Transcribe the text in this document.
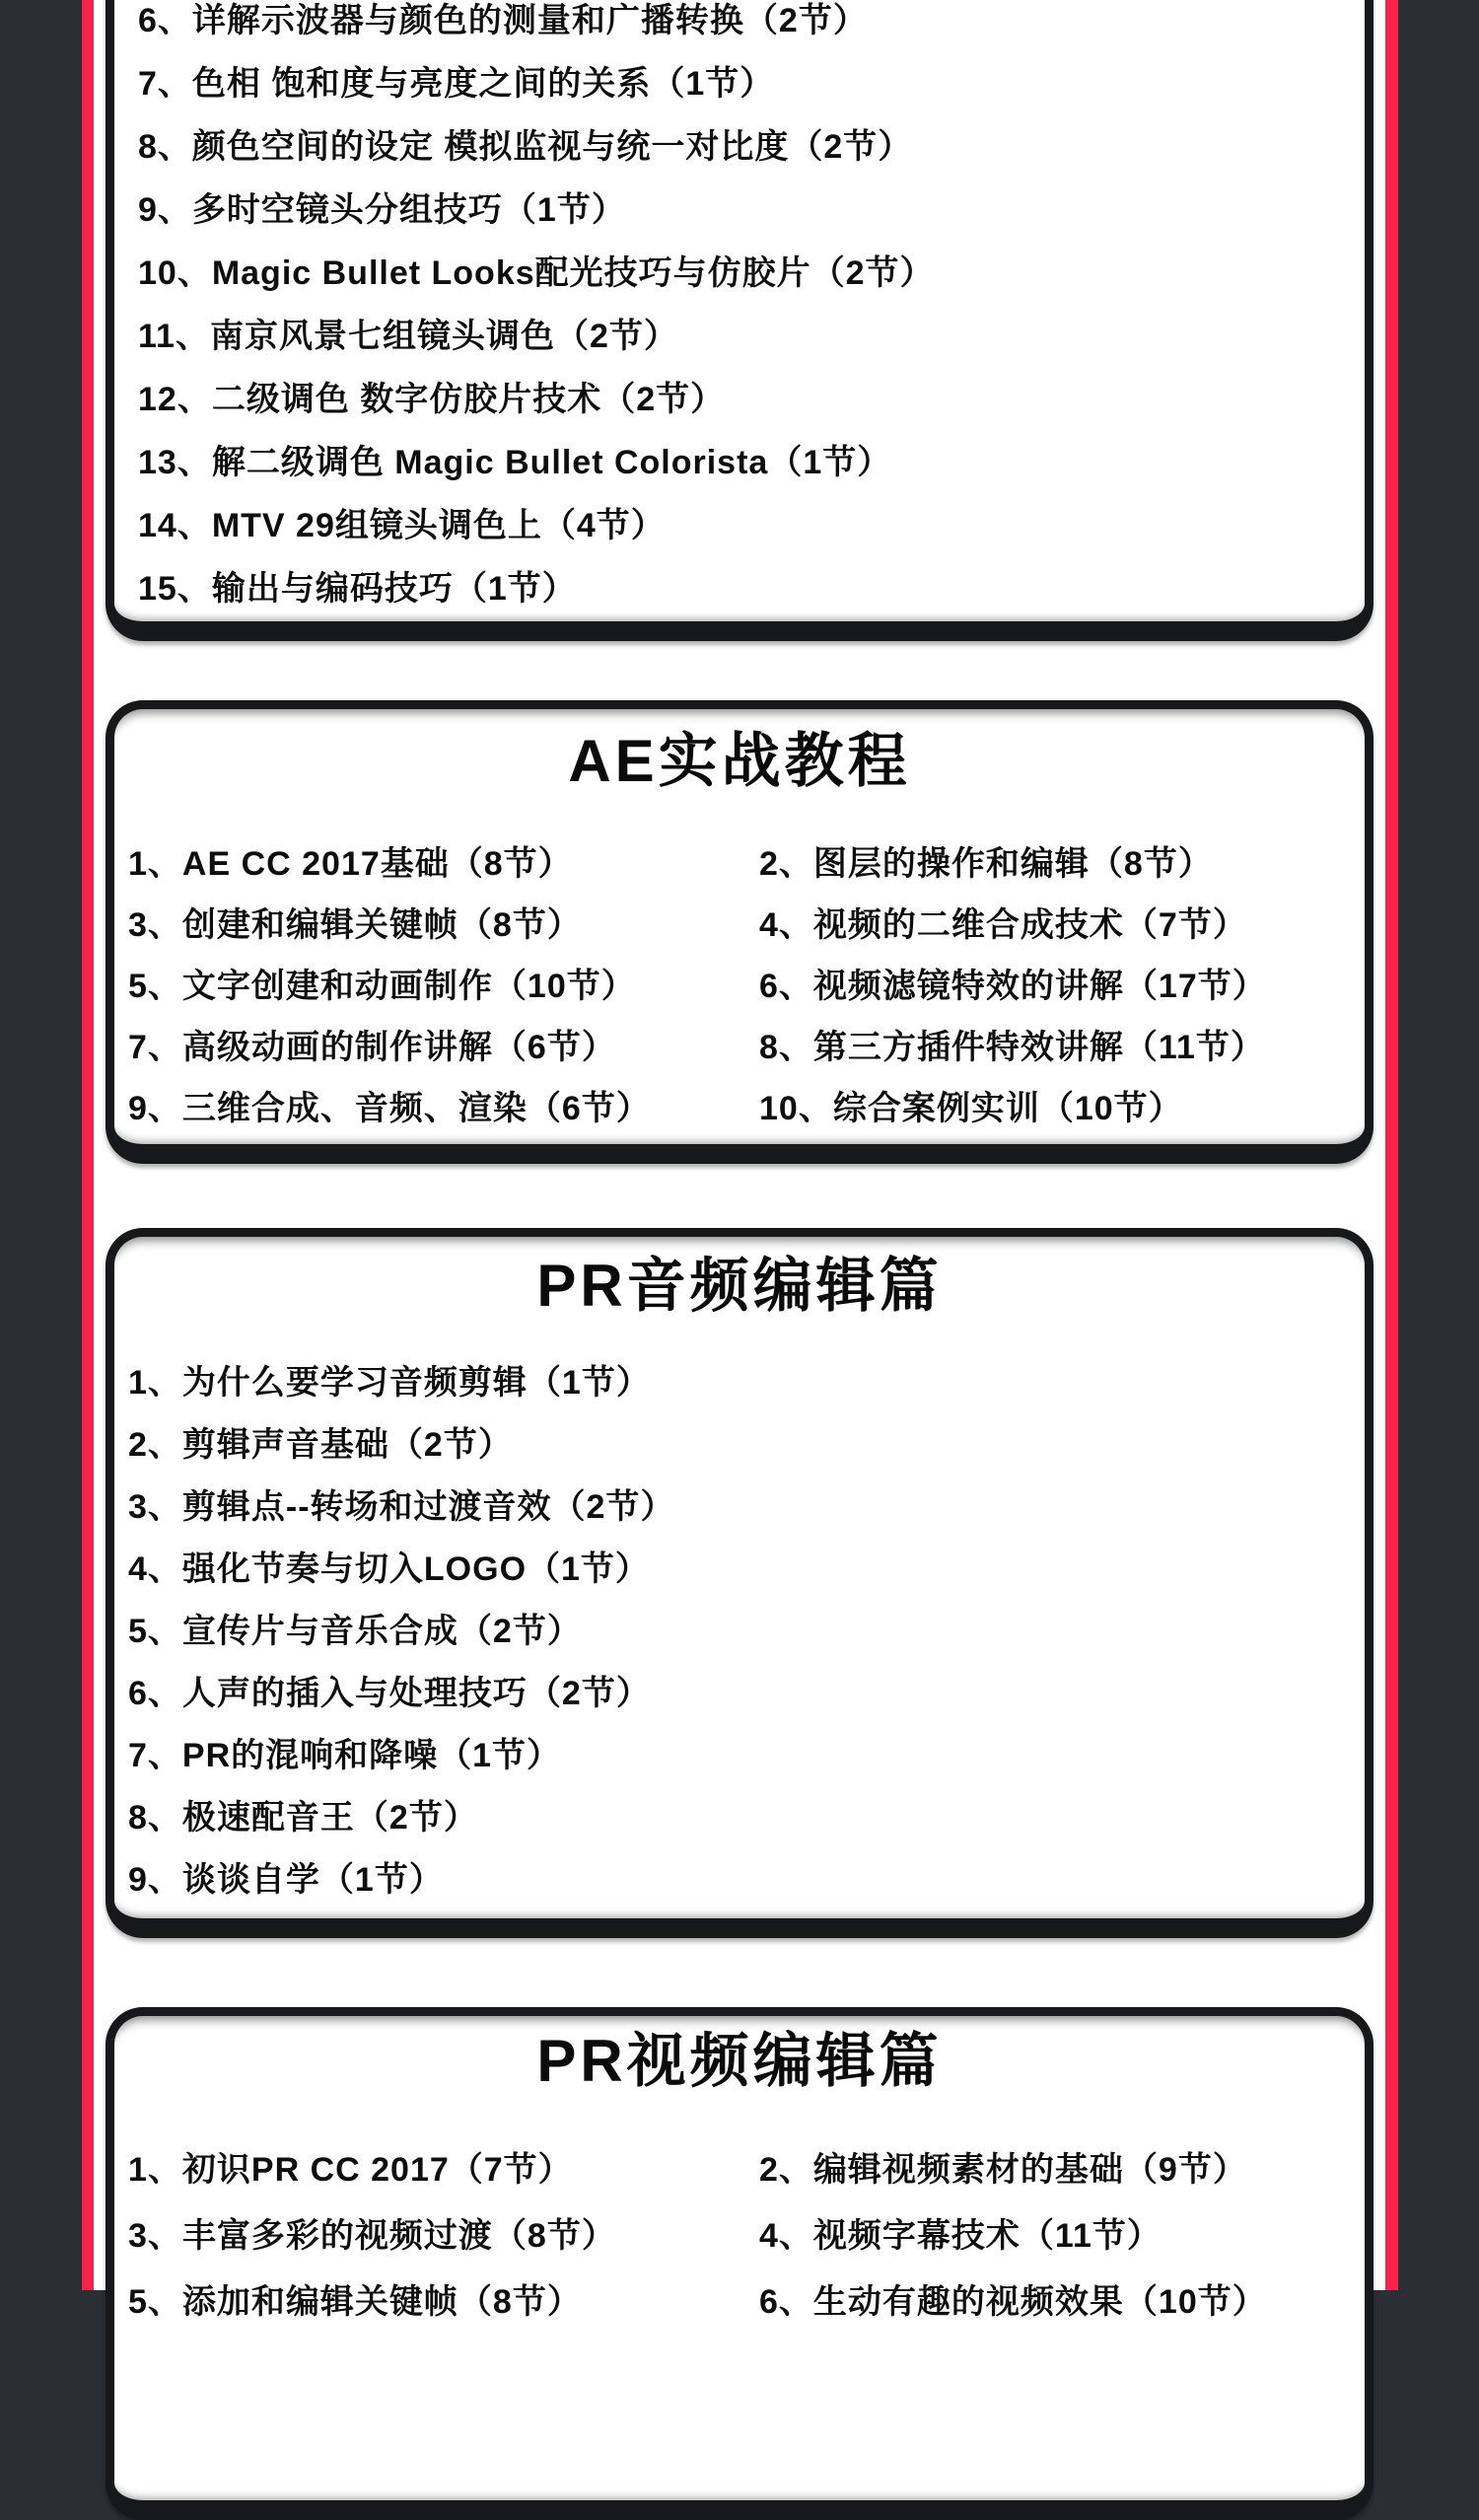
6、详解示波器与颜色的测量和广播转换（2节）
7、色相 饱和度与亮度之间的关系（1节）
8、颜色空间的设定 模拟监视与统一对比度（2节）
9、多时空镜头分组技巧（1节）
10、Magic Bullet Looks配光技巧与仿胶片（2节）
11、南京风景七组镜头调色（2节）
12、二级调色 数字仿胶片技术（2节）
13、解二级调色 Magic Bullet Colorista（1节）
14、MTV 29组镜头调色上（4节）
15、输出与编码技巧（1节）
AE实战教程
1、AE CC 2017基础（8节）	2、图层的操作和编辑（8节）
3、创建和编辑关键帧（8节）	4、视频的二维合成技术（7节）
5、文字创建和动画制作（10节）	6、视频滤镜特效的讲解（17节）
7、高级动画的制作讲解（6节）	8、第三方插件特效讲解（11节）
9、三维合成、音频、渲染（6节）	10、综合案例实训（10节）
PR音频编辑篇
1、为什么要学习音频剪辑（1节）
2、剪辑声音基础（2节）
3、剪辑点--转场和过渡音效（2节）
4、强化节奏与切入LOGO（1节）
5、宣传片与音乐合成（2节）
6、人声的插入与处理技巧（2节）
7、PR的混响和降噪（1节）
8、极速配音王（2节）
9、谈谈自学（1节）
PR视频编辑篇
1、初识PR CC 2017（7节）	2、编辑视频素材的基础（9节）
3、丰富多彩的视频过渡（8节）	4、视频字幕技术（11节）
5、添加和编辑关键帧（8节）	6、生动有趣的视频效果（10节）
